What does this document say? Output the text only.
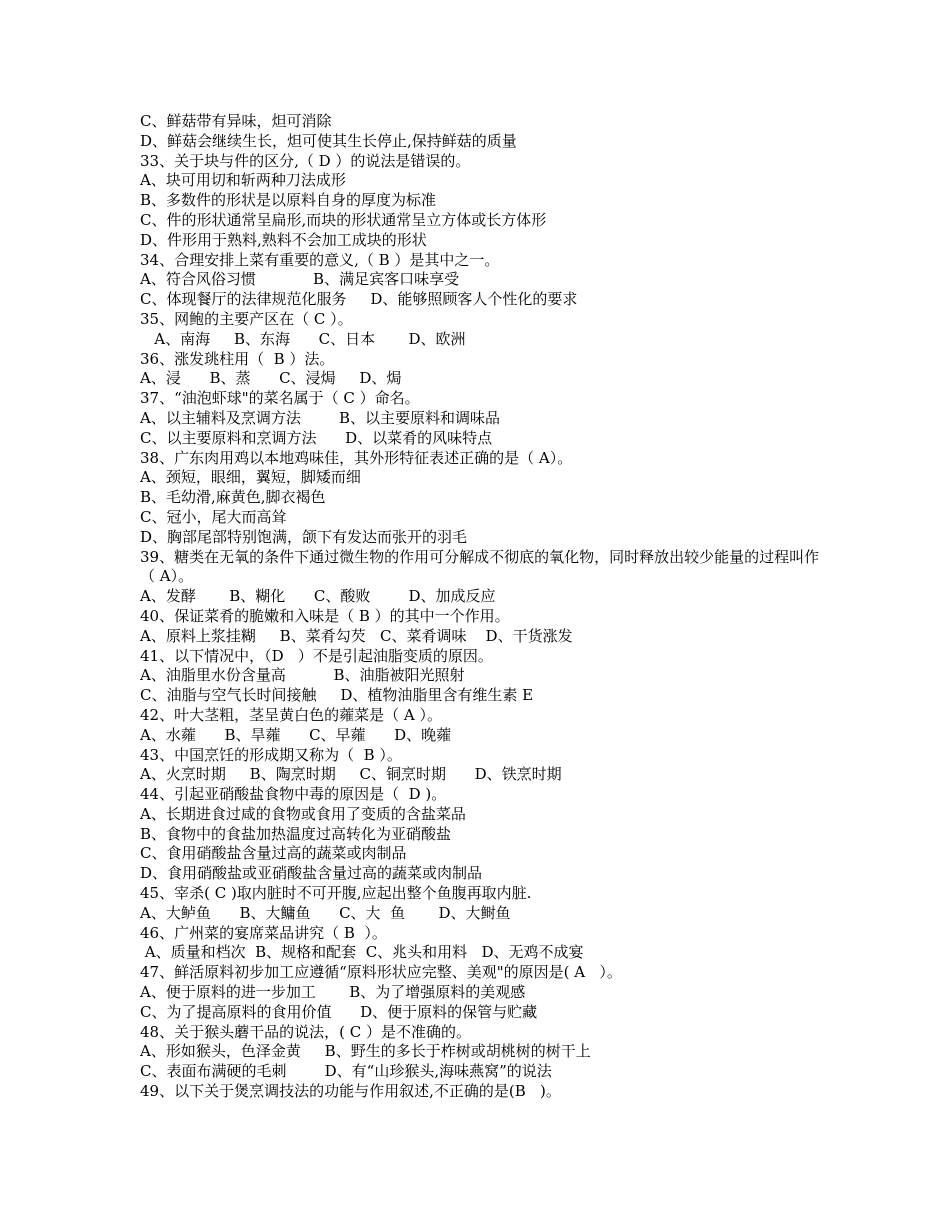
C、鲜菇带有异味，炟可消除
D、鲜菇会继续生长，炟可使其生长停止,保持鲜菇的质量
33、关于块与件的区分,（ D ）的说法是错误的。
A、块可用切和斩两种刀法成形
B、多数件的形状是以原料自身的厚度为标准
C、件的形状通常呈扁形,而块的形状通常呈立方体或长方体形
D、件形用于熟料,熟料不会加工成块的形状
34、合理安排上菜有重要的意义,（ B ）是其中之一。
A、符合风俗习惯            B、满足宾客口味享受
C、体现餐厅的法律规范化服务     D、能够照顾客人个性化的要求
35、网鲍的主要产区在（ C ）。
A、南海     B、东海      C、日本       D、欧洲
36、涨发珧柱用（  B ）法。
A、浸      B、蒸      C、浸焗     D、焗
37、“油泡虾球"的菜名属于（ C ）命名。
A、以主辅料及烹调方法        B、以主要原料和调味品
C、以主要原料和烹调方法      D、以菜肴的风味特点
38、广东肉用鸡以本地鸡味佳，其外形特征表述正确的是（ A）。
A、颈短，眼细，翼短，脚矮而细
B、毛幼滑,麻黄色,脚衣褐色
C、冠小，尾大而高耸
D、胸部尾部特别饱满，颌下有发达而张开的羽毛
39、糖类在无氧的条件下通过微生物的作用可分解成不彻底的氧化物，同时释放出较少能量的过程叫作（ A）。
A、发酵       B、糊化      C、酸败        D、加成反应
40、保证菜肴的脆嫩和入味是（ B ）的其中一个作用。
A、原料上浆挂糊     B、菜肴勾芡   C、菜肴调味    D、干货涨发
41、以下情况中，（D   ）不是引起油脂变质的原因。
A、油脂里水份含量高          B、油脂被阳光照射
C、油脂与空气长时间接触     D、植物油脂里含有维生素 E
42、叶大茎粗，茎呈黄白色的蕹菜是（ A ）。
A、水蕹      B、旱蕹      C、早蕹      D、晚蕹
43、中国烹饪的形成期又称为（  B ）。
A、火烹时期     B、陶烹时期     C、铜烹时期      D、铁烹时期
44、引起亚硝酸盐食物中毒的原因是（  D )。
A、长期进食过咸的食物或食用了变质的含盐菜品
B、食物中的食盐加热温度过高转化为亚硝酸盐
C、食用硝酸盐含量过高的蔬菜或肉制品
D、食用硝酸盐或亚硝酸盐含量过高的蔬菜或肉制品
45、宰杀( C )取内脏时不可开腹,应起出整个鱼腹再取内脏.
A、大鲈鱼      B、大鳙鱼      C、大  鱼       D、大鲥鱼
46、广州菜的宴席菜品讲究（ B  ）。
A、质量和档次  B、规格和配套  C、兆头和用料   D、无鸡不成宴
47、鲜活原料初步加工应遵循“原料形状应完整、美观"的原因是( A   ）。
A、便于原料的进一步加工       B、为了增强原料的美观感
C、为了提高原料的食用价值      D、便于原料的保管与贮藏
48、关于猴头蘑干品的说法，( C ）是不准确的。
A、形如猴头，色泽金黄     B、野生的多长于柞树或胡桃树的树干上
C、表面布满硬的毛刺        D、有“山珍猴头,海味燕窝”的说法
49、以下关于煲烹调技法的功能与作用叙述,不正确的是(B   )。
